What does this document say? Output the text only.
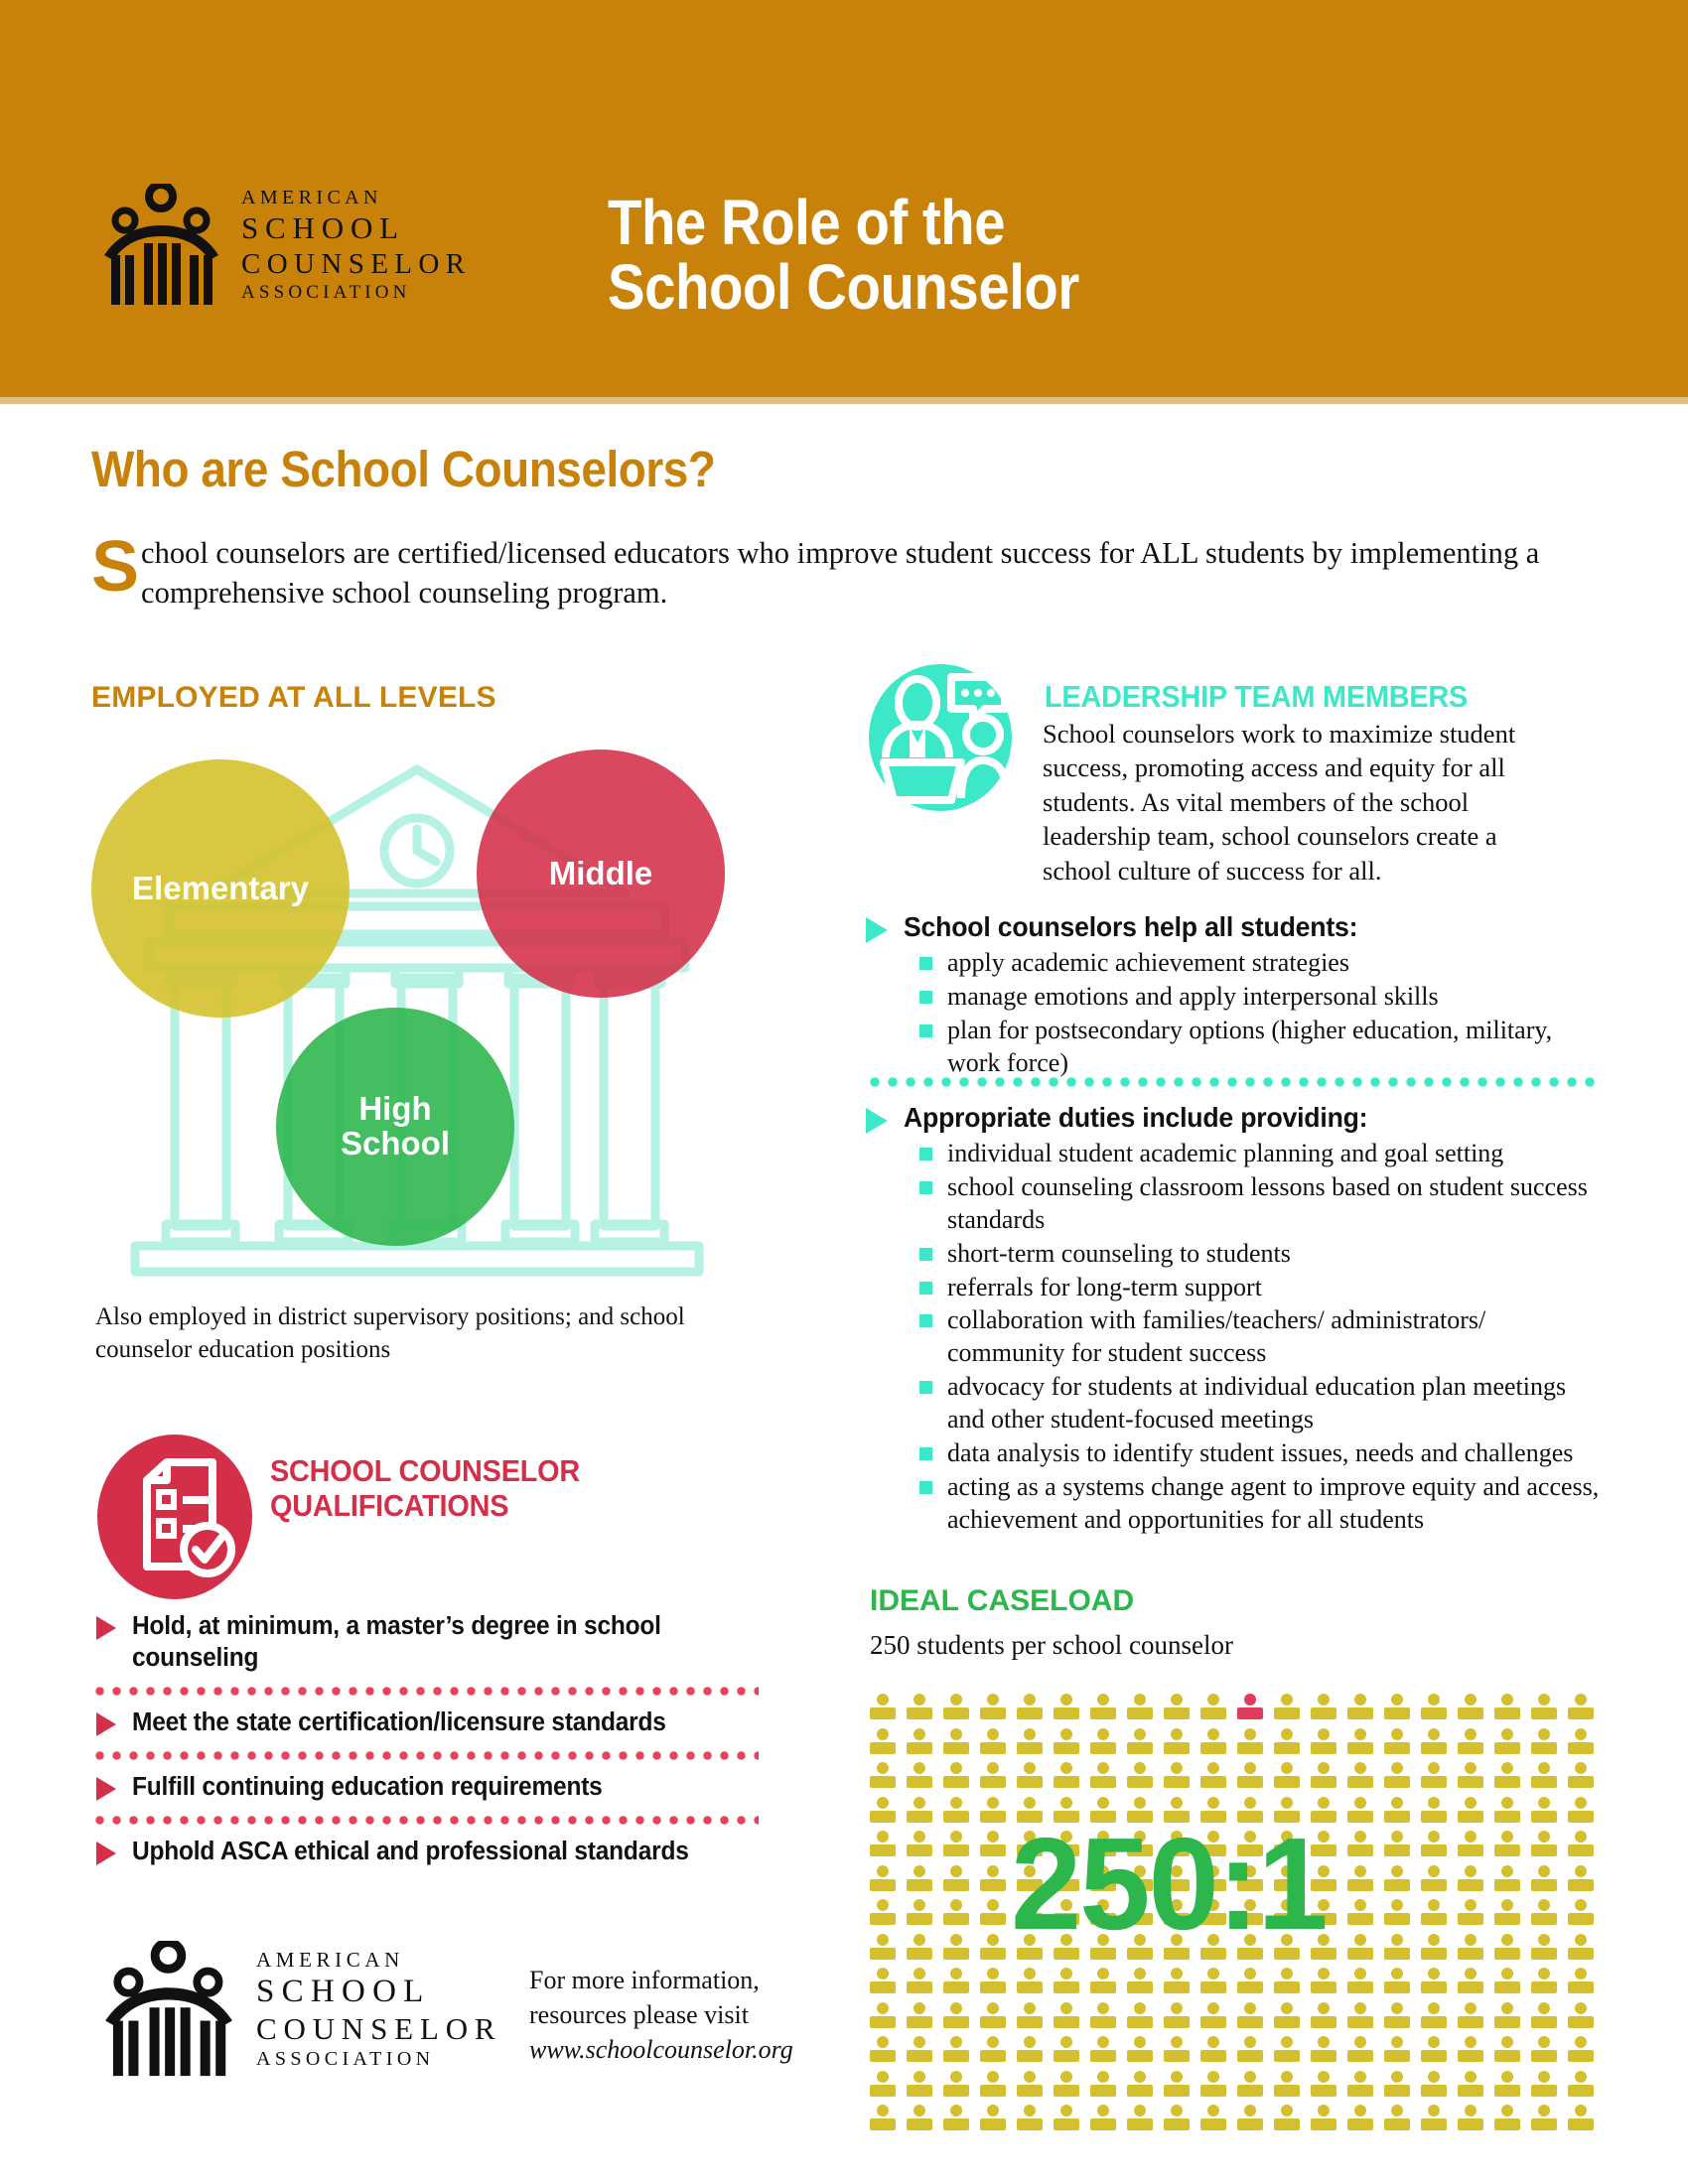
AMERICAN
SCHOOL
COUNSELOR
ASSOCIATION
The Role of the
School Counselor
Who are School Counselors?
School counselors are certified/licensed educators who improve student success for ALL students by implementing a comprehensive school counseling program.
EMPLOYED AT ALL LEVELS
Elementary	Middle
High
School
Also employed in district supervisory positions; and school counselor education positions
SCHOOL COUNSELOR
QUALIFICATIONS
Hold, at minimum, a master’s degree in school counseling
Meet the state certification/licensure standards
Fulfill continuing education requirements
Uphold ASCA ethical and professional standards
AMERICAN
SCHOOL
COUNSELOR
ASSOCIATION
For more information,
resources please visit
www.schoolcounselor.org
LEADERSHIP TEAM MEMBERS
School counselors work to maximize student success, promoting access and equity for all students. As vital members of the school leadership team, school counselors create a school culture of success for all.
School counselors help all students:
apply academic achievement strategies
manage emotions and apply interpersonal skills
plan for postsecondary options (higher education, military, work force)
Appropriate duties include providing:
individual student academic planning and goal setting
school counseling classroom lessons based on student success standards
short-term counseling to students
referrals for long-term support
collaboration with families/teachers/ administrators/ community for student success
advocacy for students at individual education plan meetings and other student-focused meetings
data analysis to identify student issues, needs and challenges
acting as a systems change agent to improve equity and access, achievement and opportunities for all students
IDEAL CASELOAD
250 students per school counselor
250:1
